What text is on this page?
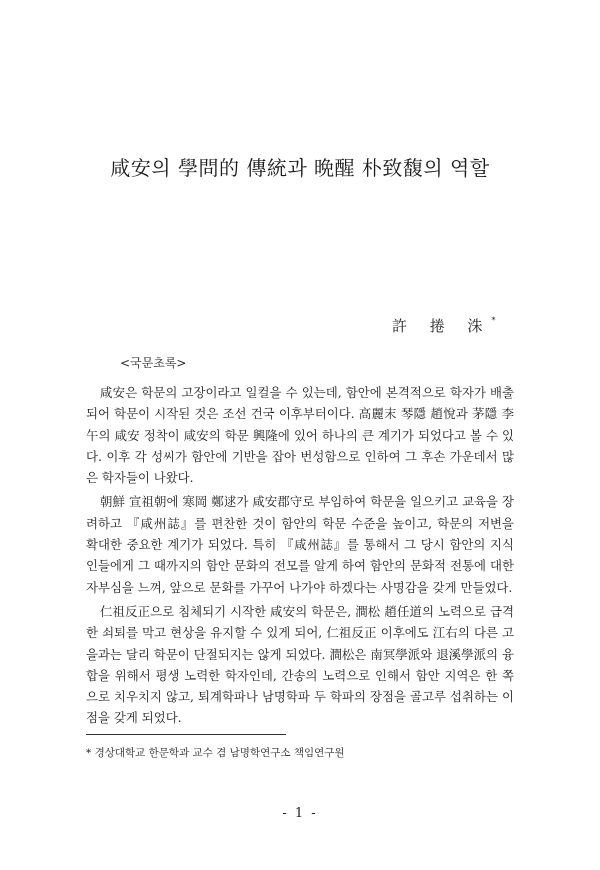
咸安의 學問的 傳統과 晩醒 朴致馥의 역할
許 捲 洙*
<국문초록>

咸安은 학문의 고장이라고 일컬을 수 있는데, 함안에 본격적으로 학자가 배출되어 학문이 시작된 것은 조선 건국 이후부터이다. 高麗末 琴隱 趙悅과 茅隱 李午의 咸安 정착이 咸安의 학문 興隆에 있어 하나의 큰 계기가 되었다고 볼 수 있다. 이후 각 성씨가 함안에 기반을 잡아 번성함으로 인하여 그 후손 가운데서 많은 학자들이 나왔다.

朝鮮 宣祖朝에 寒岡 鄭逑가 咸安郡守로 부임하여 학문을 일으키고 교육을 장려하고 『咸州誌』를 편찬한 것이 함안의 학문 수준을 높이고, 학문의 저변을 확대한 중요한 계기가 되었다. 특히 『咸州誌』를 통해서 그 당시 함안의 지식인들에게 그 때까지의 함안 문화의 전모를 알게 하여 함안의 문화적 전통에 대한 자부심을 느껴, 앞으로 문화를 가꾸어 나가야 하겠다는 사명감을 갖게 만들었다.

仁祖反正으로 침체되기 시작한 咸安의 학문은, 澗松 趙任道의 노력으로 급격한 쇠퇴를 막고 현상을 유지할 수 있게 되어, 仁祖反正 이후에도 江右의 다른 고을과는 달리 학문이 단절되지는 않게 되었다. 澗松은 南冥學派와 退溪學派의 융합을 위해서 평생 노력한 학자인데, 간송의 노력으로 인해서 함안 지역은 한 쪽으로 치우치지 않고, 퇴계학파나 남명학파 두 학파의 장점을 골고루 섭취하는 이점을 갖게 되었다.

* 경상대학교 한문학과 교수 겸 남명학연구소 책임연구원
- 1 -
